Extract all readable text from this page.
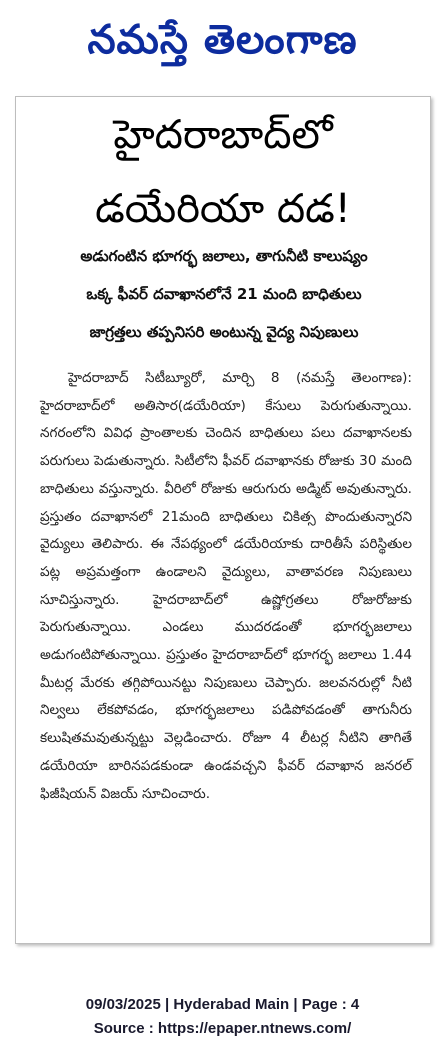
నమస్తే తెలంగాణ
హైదరాబాద్‌లో
డయేరియా దడ!
అడుగంటిన భూగర్భ జలాలు, తాగునీటి కాలుష్యం
ఒక్క ఫీవర్‌ దవాఖానలోనే 21 మంది బాధితులు
జాగ్రత్తలు తప్పనిసరి అంటున్న వైద్య నిపుణులు
హైదరాబాద్‌ సిటీబ్యూరో, మార్చి 8 (నమస్తే తెలంగాణ): హైదరాబాద్‌లో అతిసార(డయేరియా) కేసులు పెరుగుతున్నాయి. నగరంలోని వివిధ ప్రాంతాలకు చెందిన బాధితులు పలు దవాఖానలకు పరుగులు పెడుతున్నారు. సిటీలోని ఫీవర్‌ దవాఖానకు రోజుకు 30 మంది బాధితులు వస్తున్నారు. వీరిలో రోజుకు ఆరుగురు అడ్మిట్‌ అవుతున్నారు. ప్రస్తుతం దవాఖానలో 21మంది బాధితులు చికిత్స పొందుతున్నారని వైద్యులు తెలిపారు. ఈ నేపథ్యంలో డయేరియాకు దారితీసే పరిస్థితుల పట్ల అప్రమత్తంగా ఉండాలని వైద్యులు, వాతావరణ నిపుణులు సూచిస్తున్నారు. హైదరాబాద్‌లో ఉష్ణోగ్రతలు రోజురోజుకు పెరుగుతున్నాయి. ఎండలు ముదరడంతో భూగర్భజలాలు అడుగంటిపోతున్నాయి. ప్రస్తుతం హైదరాబాద్‌లో భూగర్భ జలాలు 1.44 మీటర్ల మేరకు తగ్గిపోయినట్టు నిపుణులు చెప్పారు. జలవనరుల్లో నీటి నిల్వలు లేకపోవడం, భూగర్భజలాలు పడిపోవడంతో తాగునీరు కలుషితమవుతున్నట్టు వెల్లడించారు. రోజూ 4 లీటర్ల నీటిని తాగితే డయేరియా బారినపడకుండా ఉండవచ్చని ఫీవర్‌ దవాఖాన జనరల్‌ ఫిజీషియన్‌ విజయ్‌ సూచించారు.
09/03/2025 | Hyderabad Main | Page : 4
Source : https://epaper.ntnews.com/
